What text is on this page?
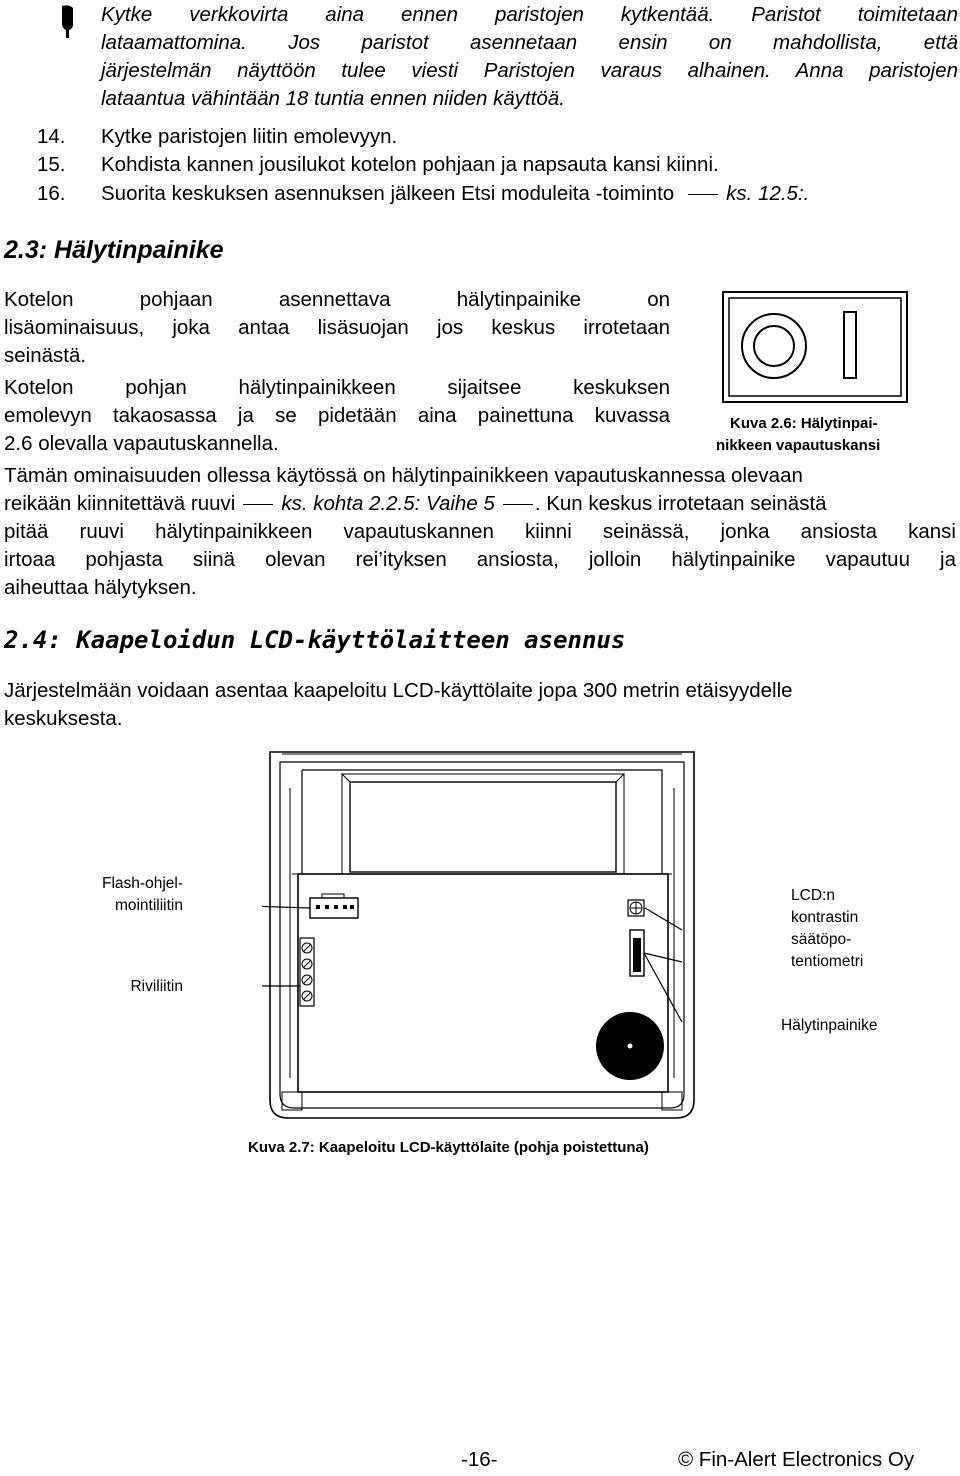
Kytke verkkovirta aina ennen paristojen kytkentää. Paristot toimitetaan
lataamattomina. Jos paristot asennetaan ensin on mahdollista, että
järjestelmän näyttöön tulee viesti Paristojen varaus alhainen. Anna paristojen
lataantua vähintään 18 tuntia ennen niiden käyttöä.
14. Kytke paristojen liitin emolevyyn.
15. Kohdista kannen jousilukot kotelon pohjaan ja napsauta kansi kiinni.
16. Suorita keskuksen asennuksen jälkeen Etsi moduleita -toiminto	ks. 12.5:.
2.3: Hälytinpainike
Kotelon pohjaan asennettava hälytinpainike on
lisäominaisuus, joka antaa lisäsuojan jos keskus irrotetaan
seinästä.
Kotelon pohjan hälytinpainikkeen sijaitsee keskuksen
emolevyn takaosassa ja se pidetään aina painettuna kuvassa
2.6 olevalla vapautuskannella.
Kuva 2.6: Hälytinpai-
nikkeen vapautuskansi
Tämän ominaisuuden ollessa käytössä on hälytinpainikkeen vapautuskannessa olevaan
reikään kiinnitettävä ruuvi ks. kohta 2.2.5: Vaihe 5 . Kun keskus irrotetaan seinästä
pitää ruuvi hälytinpainikkeen vapautuskannen kiinni seinässä, jonka ansiosta kansi
irtoaa pohjasta siinä olevan rei’ityksen ansiosta, jolloin hälytinpainike vapautuu ja
aiheuttaa hälytyksen.
2.4: Kaapeloidun LCD-käyttölaitteen asennus
Järjestelmään voidaan asentaa kaapeloitu LCD-käyttölaite jopa 300 metrin etäisyydelle
keskuksesta.
Flash-ohjel-
mointiliitin
Riviliitin
LCD:n
kontrastin
säätöpo-
tentiometri
Hälytinpainike
Kuva 2.7: Kaapeloitu LCD-käyttölaite (pohja poistettuna)
-16-	© Fin-Alert Electronics Oy
